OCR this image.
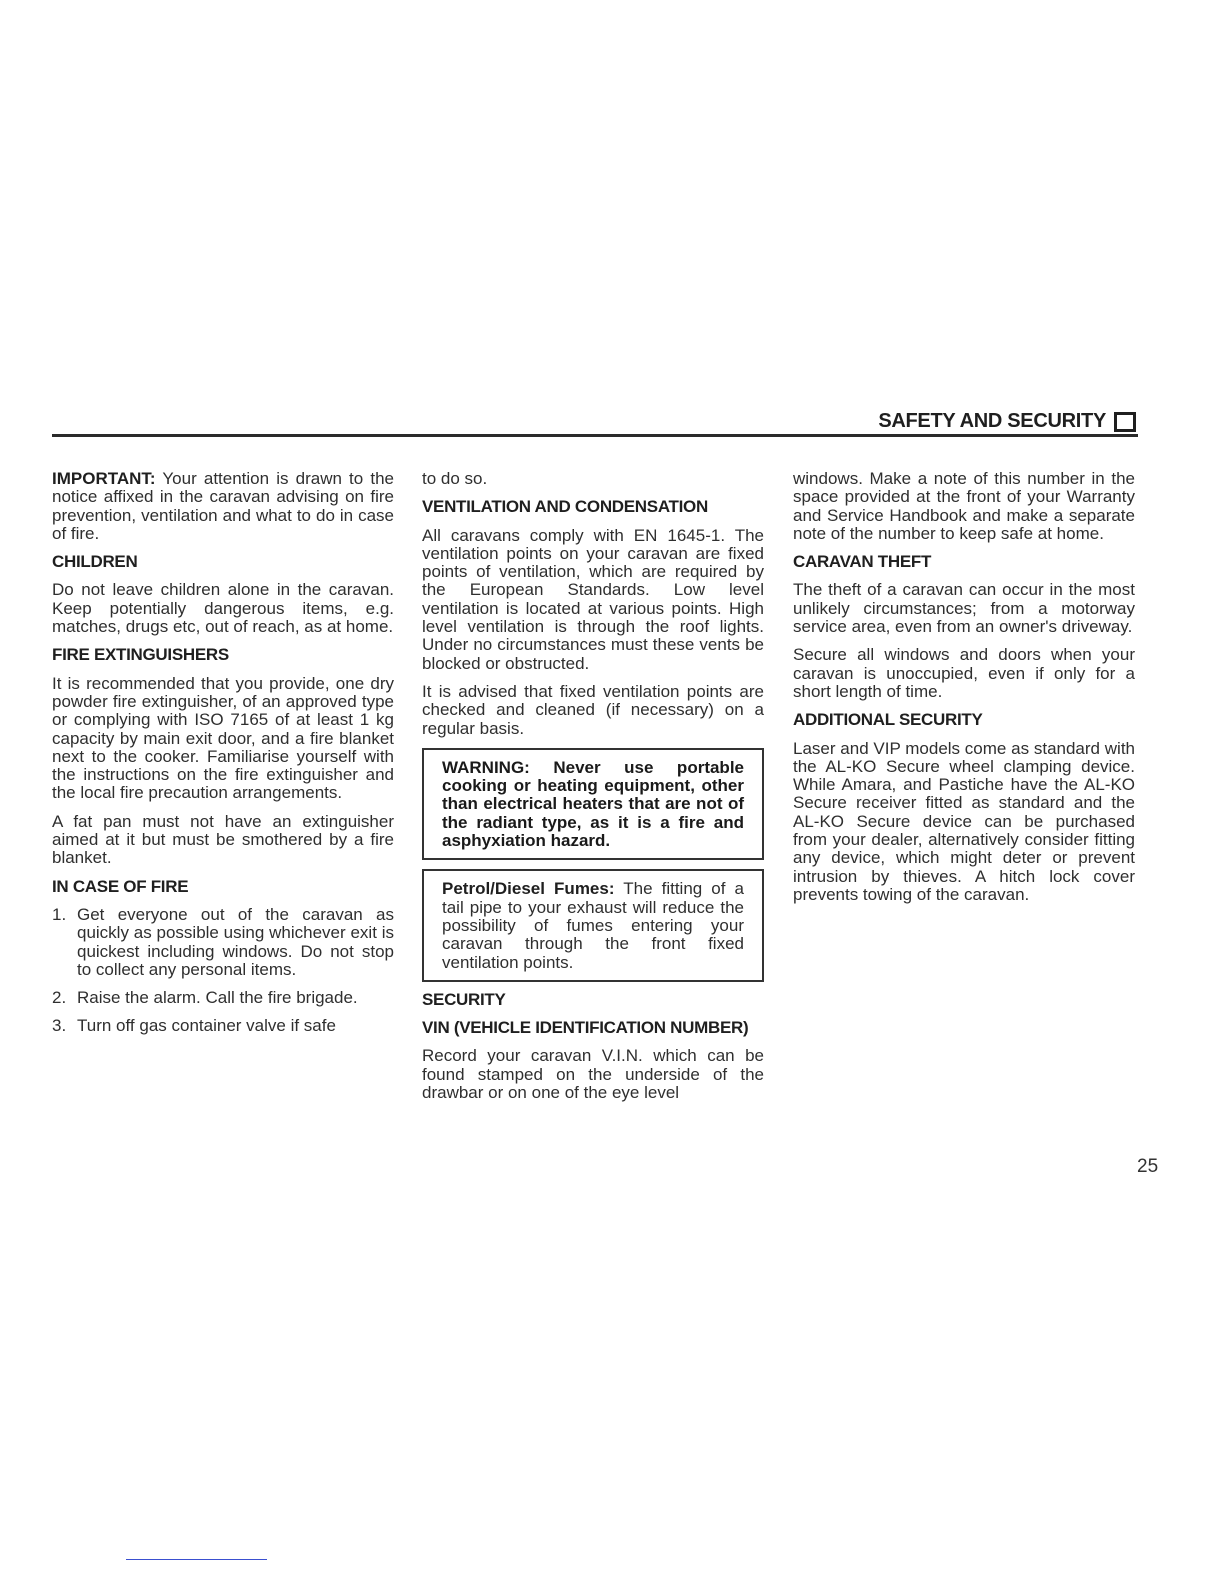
SAFETY AND SECURITY

IMPORTANT: Your attention is drawn to the notice affixed in the caravan advising on fire prevention, ventilation and what to do in case of fire.

CHILDREN

Do not leave children alone in the caravan. Keep potentially dangerous items, e.g. matches, drugs etc, out of reach, as at home.

FIRE EXTINGUISHERS

It is recommended that you provide, one dry powder fire extinguisher, of an approved type or complying with ISO 7165 of at least 1 kg capacity by main exit door, and a fire blanket next to the cooker. Familiarise yourself with the instructions on the fire extinguisher and the local fire precaution arrangements.

A fat pan must not have an extinguisher aimed at it but must be smothered by a fire blanket.

IN CASE OF FIRE
1. Get everyone out of the caravan as quickly as possible using whichever exit is quickest including windows. Do not stop to collect any personal items.
2. Raise the alarm. Call the fire brigade.
3. Turn off gas container valve if safe

to do so.

VENTILATION AND CONDENSATION

All caravans comply with EN 1645-1. The ventilation points on your caravan are fixed points of ventilation, which are required by the European Standards. Low level ventilation is located at various points. High level ventilation is through the roof lights. Under no circumstances must these vents be blocked or obstructed.

It is advised that fixed ventilation points are checked and cleaned (if necessary) on a regular basis.

WARNING: Never use portable cooking or heating equipment, other than electrical heaters that are not of the radiant type, as it is a fire and asphyxiation hazard.
Petrol/Diesel Fumes: The fitting of a tail pipe to your exhaust will reduce the possibility of fumes entering your caravan through the front fixed ventilation points.
SECURITY
VIN (VEHICLE IDENTIFICATION NUMBER)

Record your caravan V.I.N. which can be found stamped on the underside of the drawbar or on one of the eye level

windows. Make a note of this number in the space provided at the front of your Warranty and Service Handbook and make a separate note of the number to keep safe at home.

CARAVAN THEFT

The theft of a caravan can occur in the most unlikely circumstances; from a motorway service area, even from an owner's driveway.

Secure all windows and doors when your caravan is unoccupied, even if only for a short length of time.

ADDITIONAL SECURITY

Laser and VIP models come as standard with the AL-KO Secure wheel clamping device. While Amara, and Pastiche have the AL-KO Secure receiver fitted as standard and the AL-KO Secure device can be purchased from your dealer, alternatively consider fitting any device, which might deter or prevent intrusion by thieves. A hitch lock cover prevents towing of the caravan.

25
